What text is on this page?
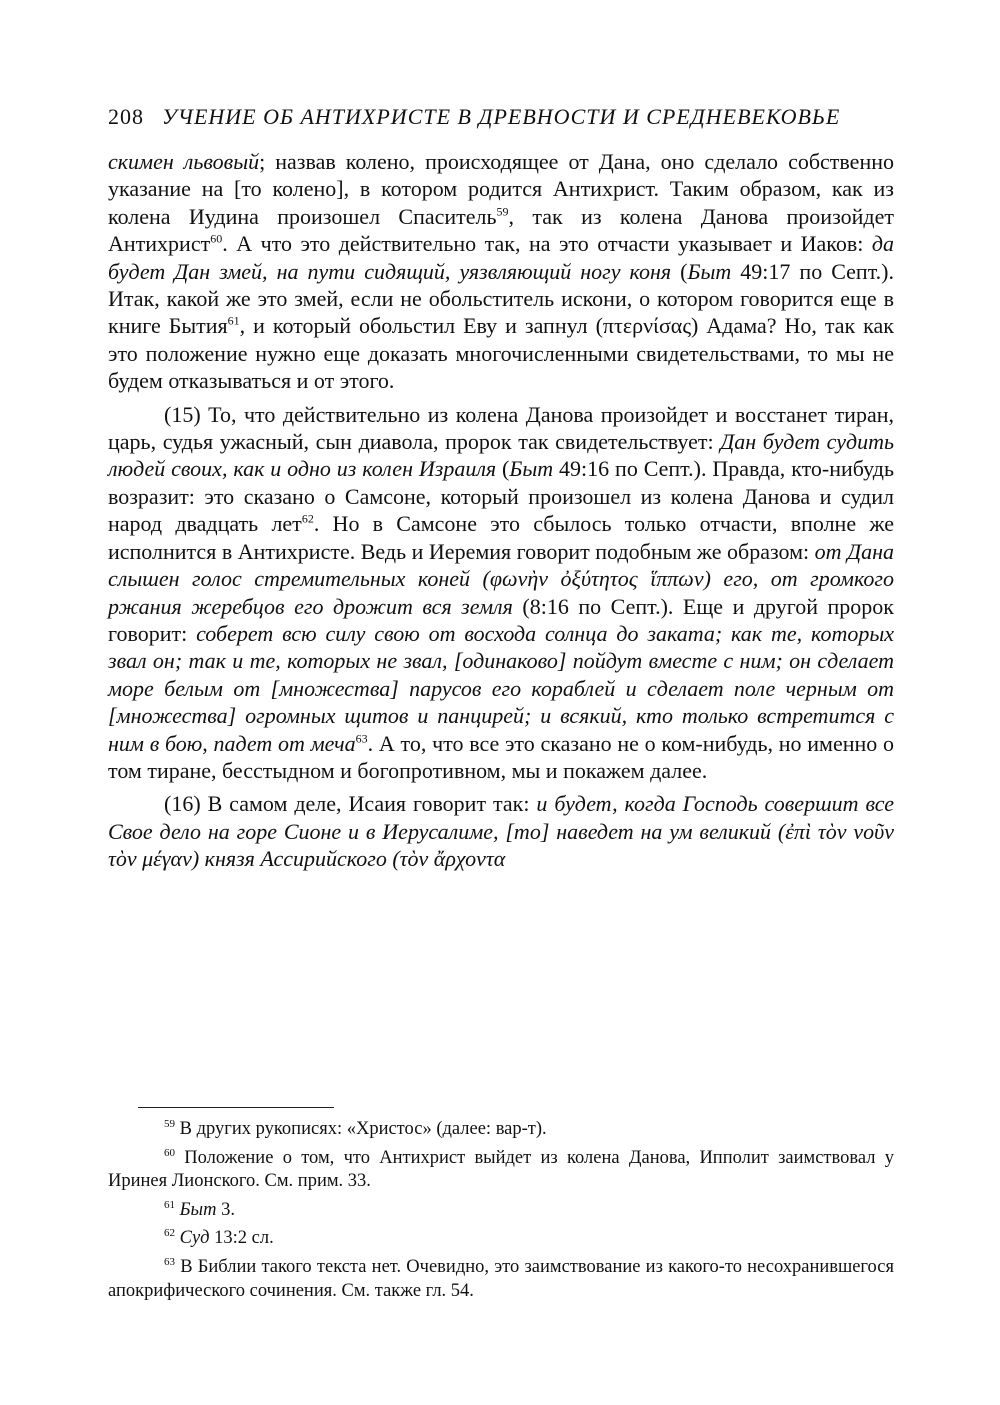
208 УЧЕНИЕ ОБ АНТИХРИСТЕ В ДРЕВНОСТИ И СРЕДНЕВЕКОВЬЕ

скимен львовый; назвав колено, происходящее от Дана, оно сделало собственно указание на [то колено], в котором родится Антихрист. Таким образом, как из колена Иудина произошел Спаситель$^{59}$, так из колена Данова произойдет Антихрист$^{60}$. А что это действительно так, на это отчасти указывает и Иаков: да будет Дан змей, на пути сидящий, уязвляющий ногу коня (Быт 49:17 по Септ.). Итак, какой же это змей, если не обольститель искони, о котором говорится еще в книге Бытия$^{61}$, и который обольстил Еву и запнул (πτερνίσας) Адама? Но, так как это положение нужно еще доказать многочисленными свидетельствами, то мы не будем отказываться и от этого.

(15) То, что действительно из колена Данова произойдет и восстанет тиран, царь, судья ужасный, сын диавола, пророк так свидетельствует: Дан будет судить людей своих, как и одно из колен Израиля (Быт 49:16 по Септ.). Правда, кто-нибудь возразит: это сказано о Самсоне, который произошел из колена Данова и судил народ двадцать лет$^{62}$. Но в Самсоне это сбылось только отчасти, вполне же исполнится в Антихристе. Ведь и Иеремия говорит подобным же образом: от Дана слышен голос стремительных коней (φωνὴν ὀξύτητος ἵππων) его, от громкого ржания жеребцов его дрожит вся земля (8:16 по Септ.). Еще и другой пророк говорит: соберет всю силу свою от восхода солнца до заката; как те, которых звал он; так и те, которых не звал, [одинаково] пойдут вместе с ним; он сделает море белым от [множества] парусов его кораблей и сделает поле черным от [множества] огромных щитов и панцирей; и всякий, кто только встретится с ним в бою, падет от меча$^{63}$. А то, что все это сказано не о ком-нибудь, но именно о том тиране, бесстыдном и богопротивном, мы и покажем далее.

(16) В самом деле, Исаия говорит так: и будет, когда Господь совершит все Свое дело на горе Сионе и в Иерусалиме, [то] наведет на ум великий (ἐπὶ τὸν νοῦν τὸν μέγαν) князя Ассирийского (τὸν ἄρχοντα

$^{59}$ В других рукописях: «Христос» (далее: вар-т).
$^{60}$ Положение о том, что Антихрист выйдет из колена Данова, Ипполит заимствовал у Иринея Лионского. См. прим. 33.
$^{61}$ Быт 3.
$^{62}$ Суд 13:2 сл.
$^{63}$ В Библии такого текста нет. Очевидно, это заимствование из какого-то несохранившегося апокрифического сочинения. См. также гл. 54.
